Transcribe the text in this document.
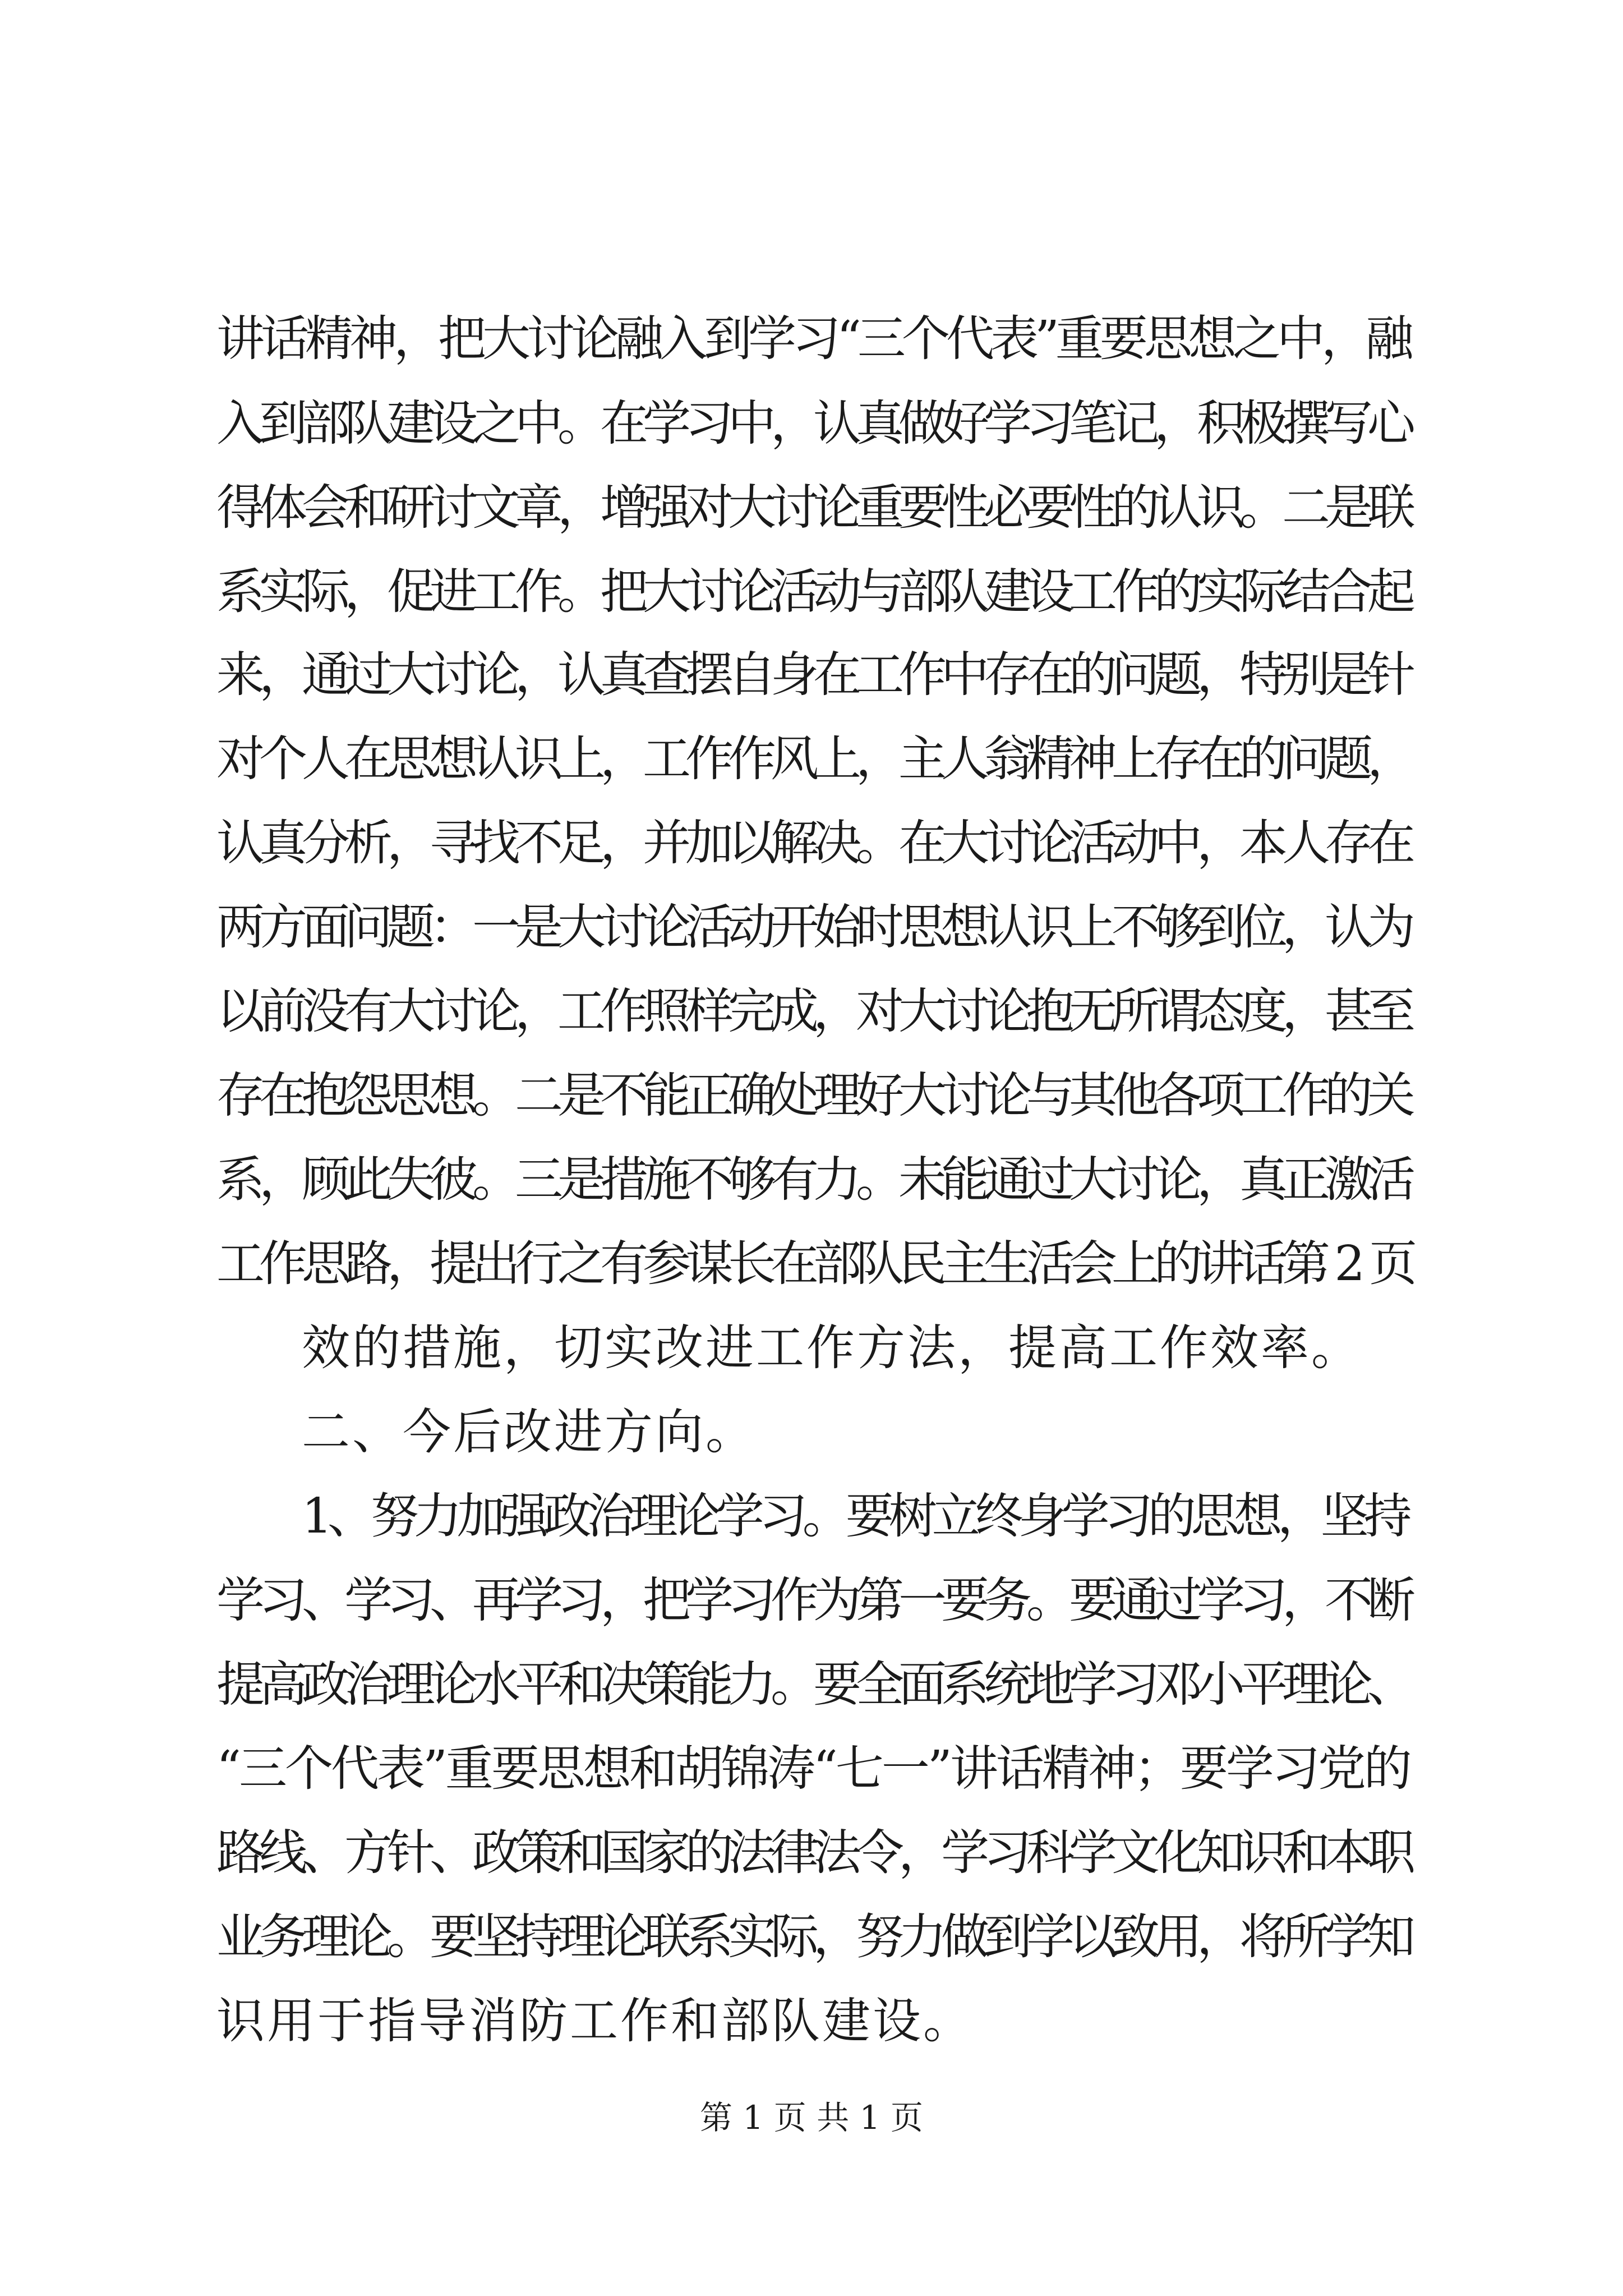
讲话精神，把大讨论融入到学习“三个代表”重要思想之中，融
入到部队建设之中。在学习中，认真做好学习笔记，积极撰写心
得体会和研讨文章，增强对大讨论重要性必要性的认识。二是联
系实际，促进工作。把大讨论活动与部队建设工作的实际结合起
来，通过大讨论，认真查摆自身在工作中存在的问题，特别是针
对个人在思想认识上，工作作风上，主人翁精神上存在的问题，
认真分析，寻找不足，并加以解决。在大讨论活动中，本人存在
两方面问题：一是大讨论活动开始时思想认识上不够到位，认为
以前没有大讨论，工作照样完成，对大讨论抱无所谓态度，甚至
存在抱怨思想。二是不能正确处理好大讨论与其他各项工作的关
系，顾此失彼。三是措施不够有力。未能通过大讨论，真正激活
工作思路，提出行之有参谋长在部队民主生活会上的讲话第 2 页
效的措施，切实改进工作方法，提高工作效率。
二、今后改进方向。
1、努力加强政治理论学习。要树立终身学习的思想，坚持
学习、学习、再学习，把学习作为第一要务。要通过学习，不断
提高政治理论水平和决策能力。要全面系统地学习邓小平理论、
“三个代表”重要思想和胡锦涛“七一”讲话精神；要学习党的
路线、方针、政策和国家的法律法令，学习科学文化知识和本职
业务理论。要坚持理论联系实际，努力做到学以致用，将所学知
识用于指导消防工作和部队建设。
第 1 页 共 1 页
